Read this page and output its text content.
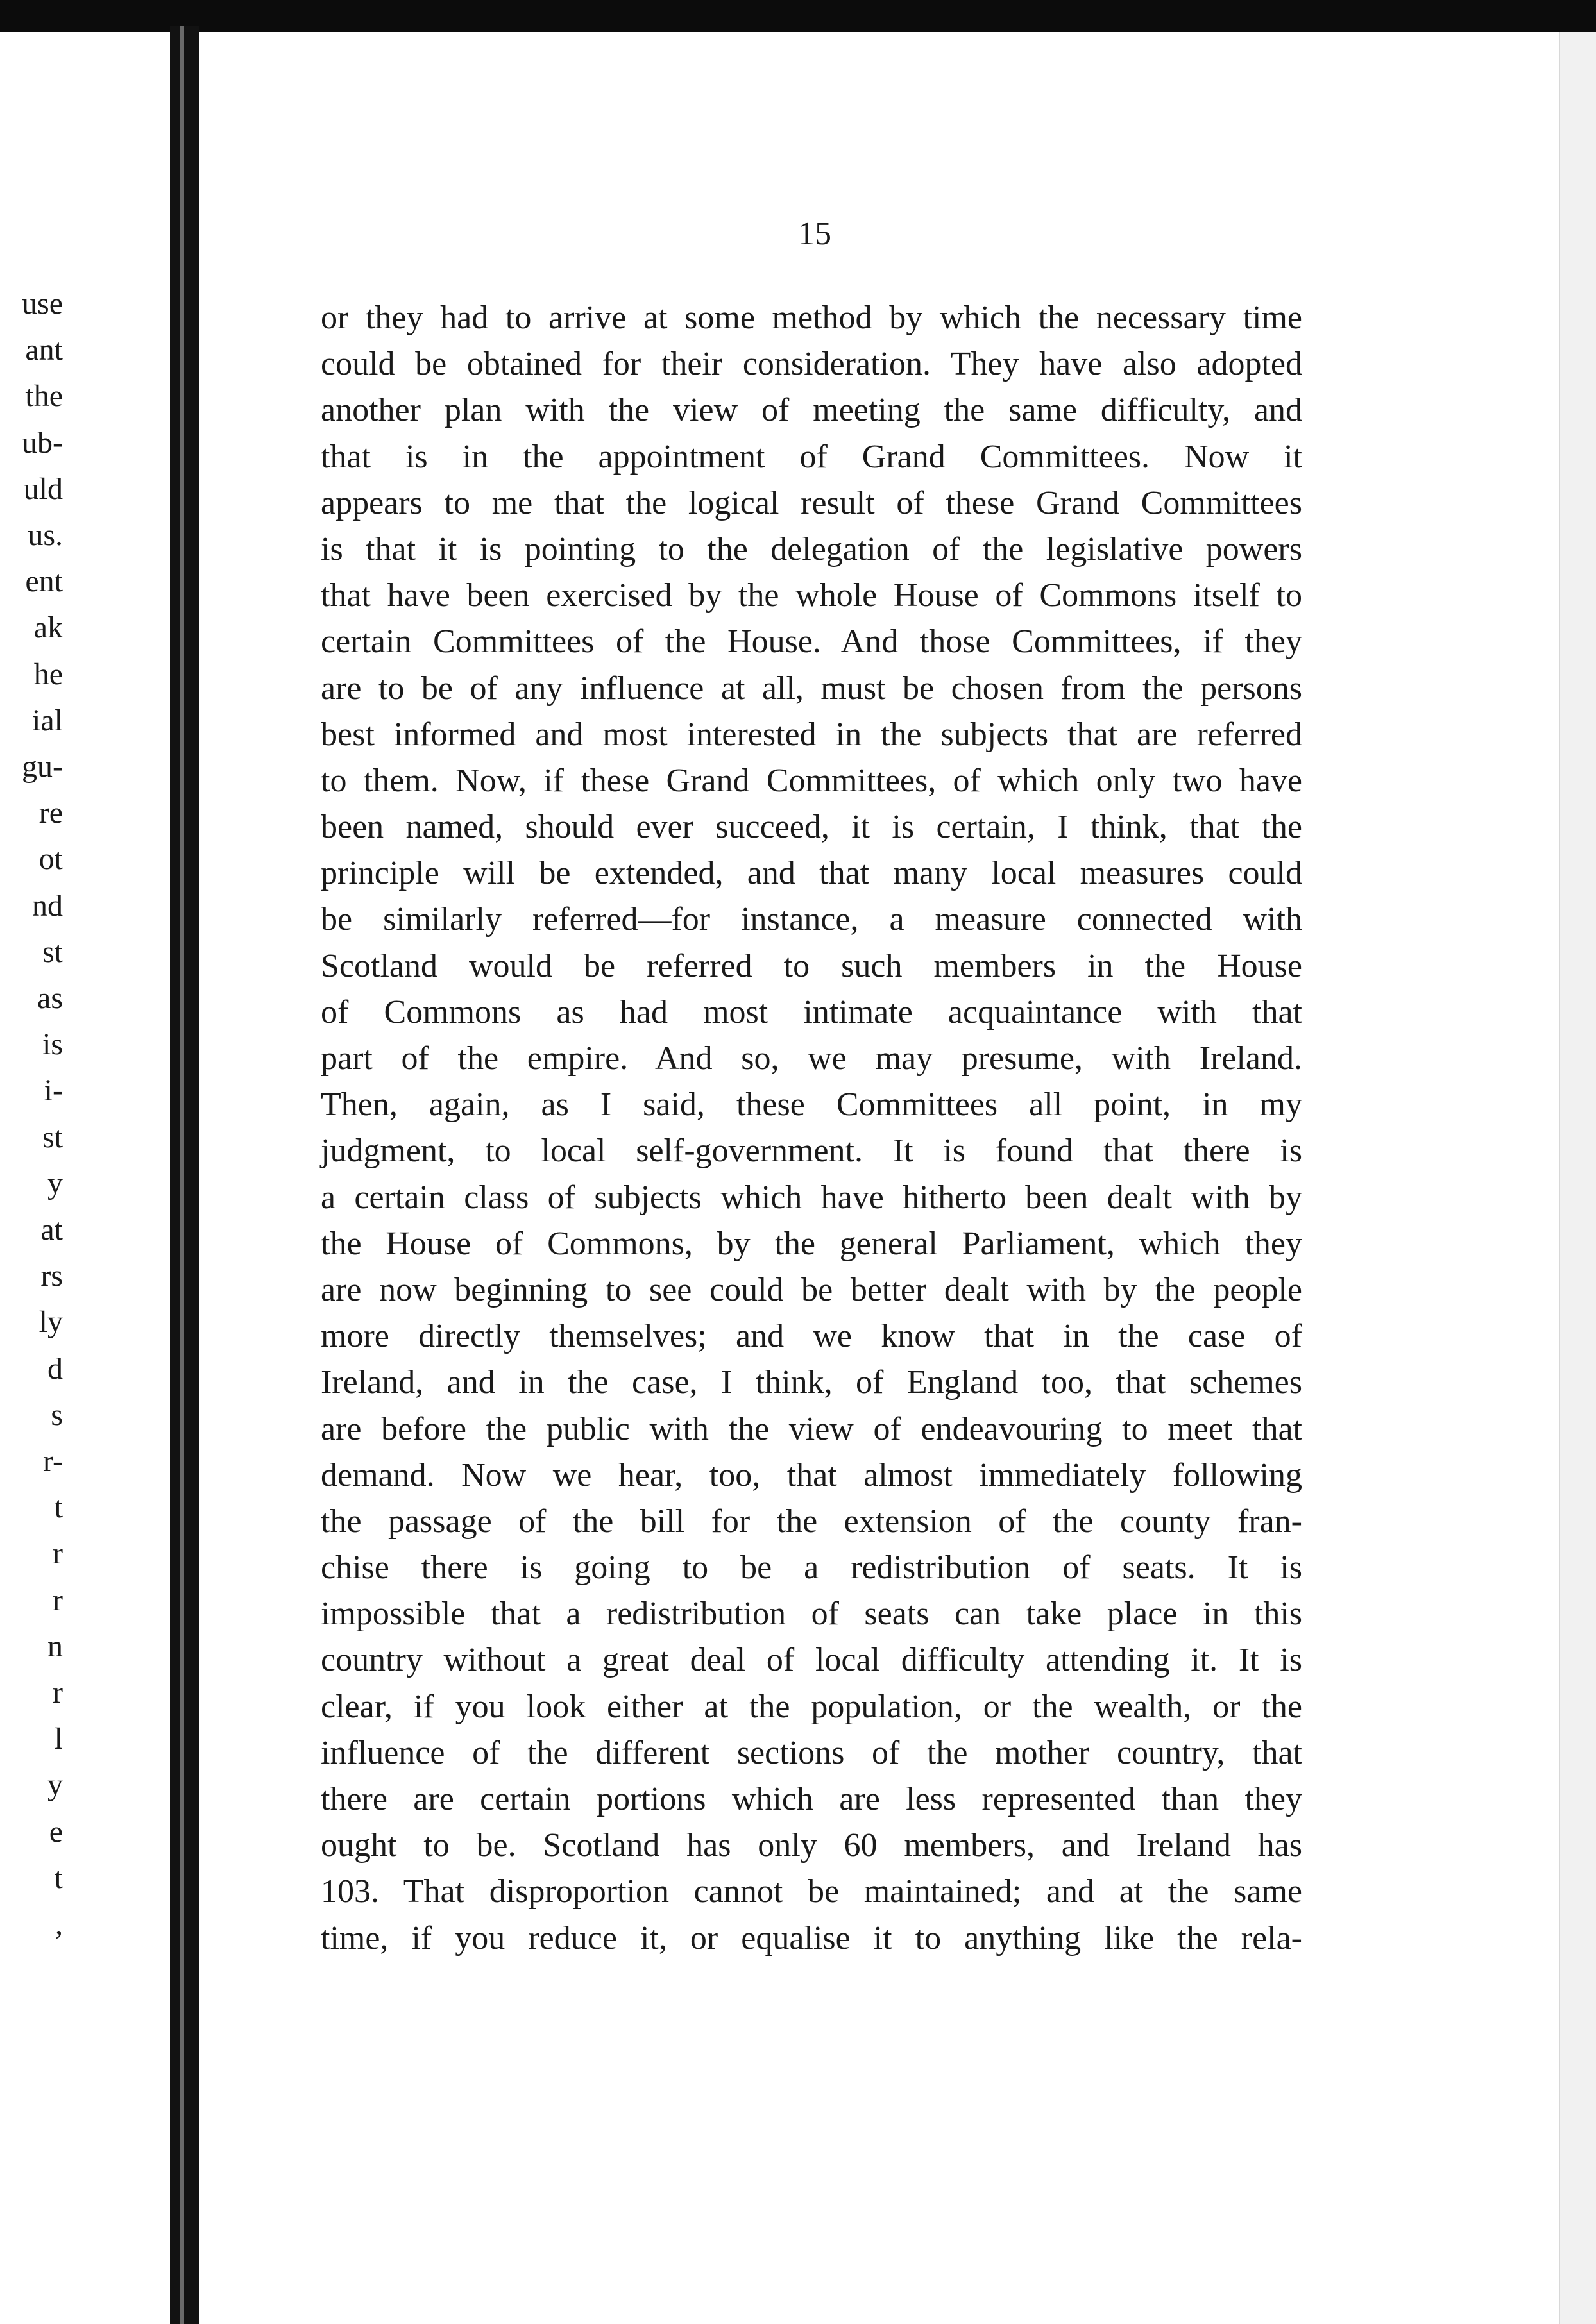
use
ant
the
ub-
uld
us.
ent
ak
he
ial
gu-
re
ot
nd
st
as
is
i-
st
y
at
rs
ly
d
s
r-
t
r
r
n
r
l
y
e
t
,
15
or they had to arrive at some method by which the necessary time
could be obtained for their consideration. They have also adopted
another plan with the view of meeting the same difficulty, and
that is in the appointment of Grand Committees. Now it
appears to me that the logical result of these Grand Committees
is that it is pointing to the delegation of the legislative powers
that have been exercised by the whole House of Commons itself to
certain Committees of the House. And those Committees, if they
are to be of any influence at all, must be chosen from the persons
best informed and most interested in the subjects that are referred
to them. Now, if these Grand Committees, of which only two have
been named, should ever succeed, it is certain, I think, that the
principle will be extended, and that many local measures could
be similarly referred—for instance, a measure connected with
Scotland would be referred to such members in the House
of Commons as had most intimate acquaintance with that
part of the empire. And so, we may presume, with Ireland.
Then, again, as I said, these Committees all point, in my
judgment, to local self-government. It is found that there is
a certain class of subjects which have hitherto been dealt with by
the House of Commons, by the general Parliament, which they
are now beginning to see could be better dealt with by the people
more directly themselves; and we know that in the case of
Ireland, and in the case, I think, of England too, that schemes
are before the public with the view of endeavouring to meet that
demand. Now we hear, too, that almost immediately following
the passage of the bill for the extension of the county fran-
chise there is going to be a redistribution of seats. It is
impossible that a redistribution of seats can take place in this
country without a great deal of local difficulty attending it. It is
clear, if you look either at the population, or the wealth, or the
influence of the different sections of the mother country, that
there are certain portions which are less represented than they
ought to be. Scotland has only 60 members, and Ireland has
103. That disproportion cannot be maintained; and at the same
time, if you reduce it, or equalise it to anything like the rela-
